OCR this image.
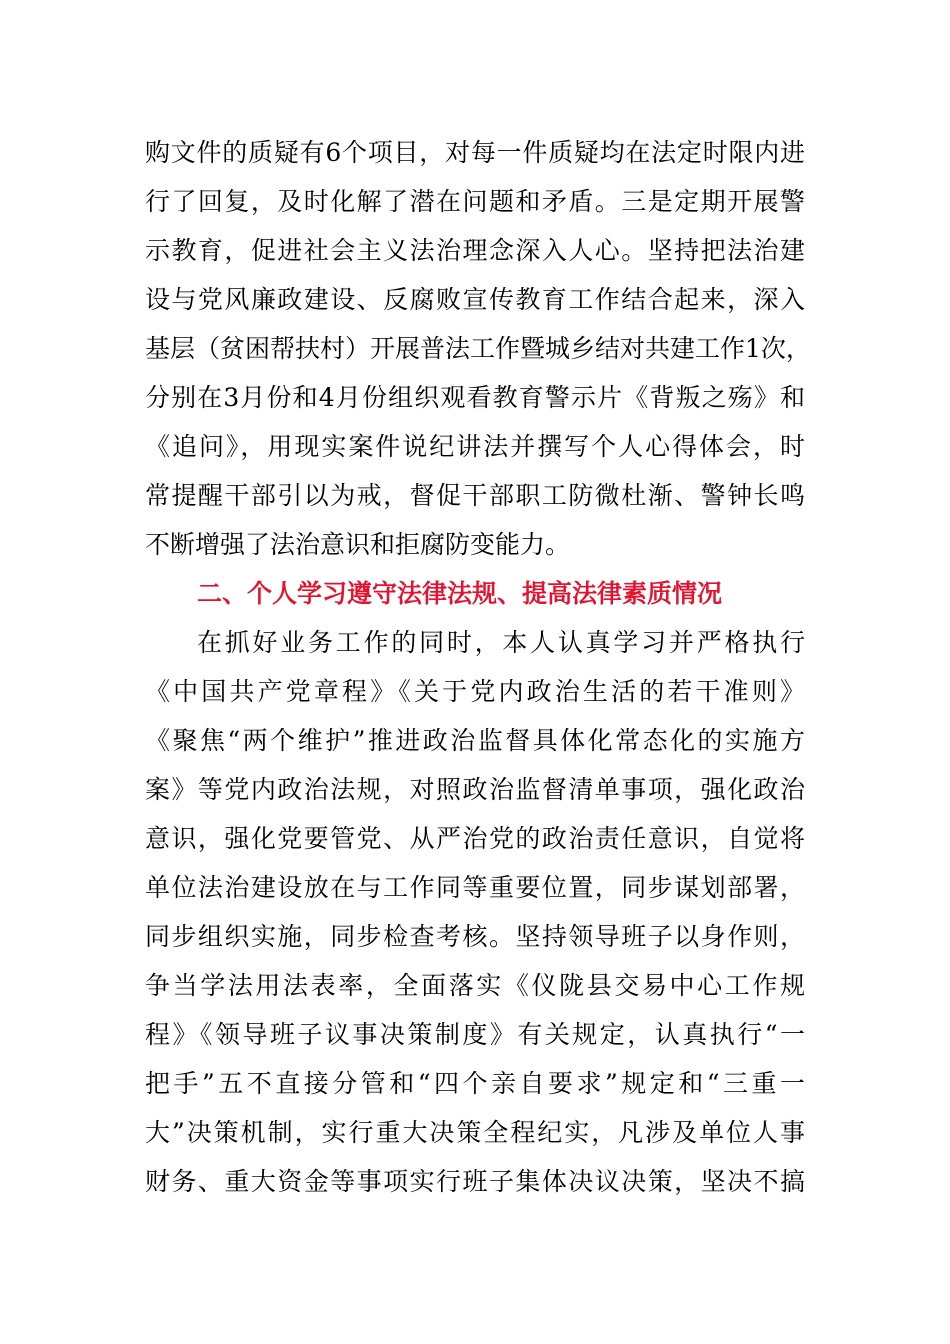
购文件的质疑有6个项目，对每一件质疑均在法定时限内进
行了回复，及时化解了潜在问题和矛盾。三是定期开展警
示教育，促进社会主义法治理念深入人心。坚持把法治建
设与党风廉政建设、反腐败宣传教育工作结合起来，深入
基层（贫困帮扶村）开展普法工作暨城乡结对共建工作1次，
分别在3月份和4月份组织观看教育警示片《背叛之殇》和
《追问》，用现实案件说纪讲法并撰写个人心得体会，时
常提醒干部引以为戒，督促干部职工防微杜渐、警钟长鸣
不断增强了法治意识和拒腐防变能力。
二、个人学习遵守法律法规、提高法律素质情况
在抓好业务工作的同时，本人认真学习并严格执行
《中国共产党章程》《关于党内政治生活的若干准则》
《聚焦“两个维护”推进政治监督具体化常态化的实施方
案》等党内政治法规，对照政治监督清单事项，强化政治
意识，强化党要管党、从严治党的政治责任意识，自觉将
单位法治建设放在与工作同等重要位置，同步谋划部署，
同步组织实施，同步检查考核。坚持领导班子以身作则，
争当学法用法表率，全面落实《仪陇县交易中心工作规
程》《领导班子议事决策制度》有关规定，认真执行“一
把手”五不直接分管和“四个亲自要求”规定和“三重一
大”决策机制，实行重大决策全程纪实，凡涉及单位人事
财务、重大资金等事项实行班子集体决议决策，坚决不搞
